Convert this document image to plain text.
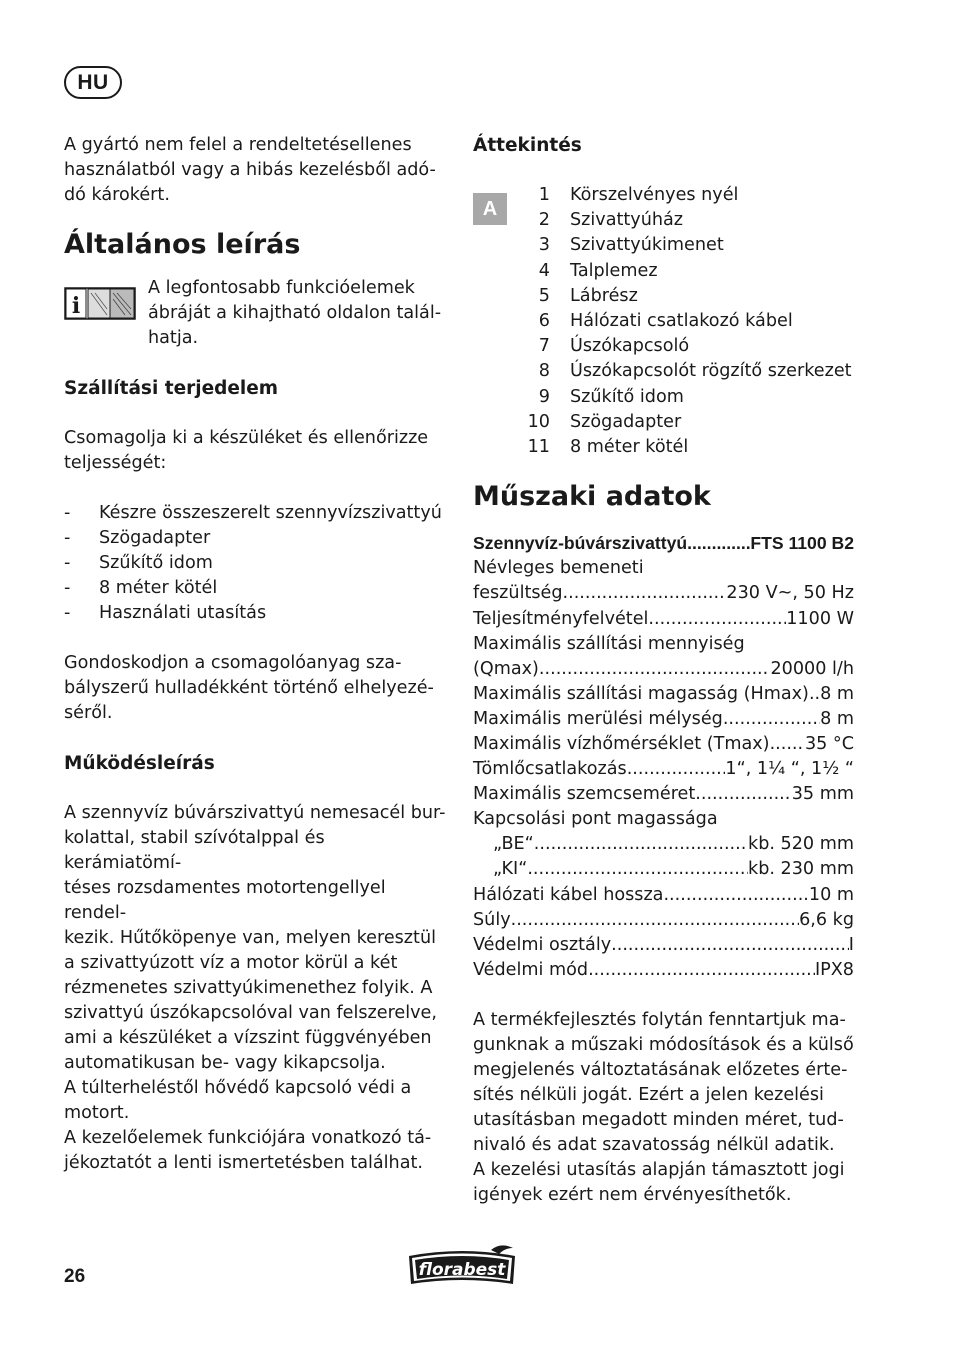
HU

A gyártó nem felel a rendeltetésellenes

használatból vagy a hibás kezelésből adó-

dó károkért.

Általános leírás
i

A legfontosabb funkcióelemek

ábráját a kihajtható oldalon talál-

hatja.

Szállítási terjedelem

Csomagolja ki a készüléket és ellenőrizze

teljességét:

-	Készre összeszerelt szennyvízszivattyú
-	Szögadapter
-	Szűkítő idom
-	8 méter kötél
-	Használati utasítás

Gondoskodjon a csomagolóanyag sza-

bályszerű hulladékként történő elhelyezé-

séről.

Működésleírás

A szennyvíz búvárszivattyú nemesacél bur-

kolattal, stabil szívótalppal és kerámiatömí-

téses rozsdamentes motortengellyel rendel-

kezik. Hűtőköpenye van, melyen keresztül

a szivattyúzott víz a motor körül a két

rézmenetes szivattyúkimenethez folyik. A

szivattyú úszókapcsolóval van felszerelve,

ami a készüléket a vízszint függvényében

automatikusan be- vagy kikapcsolja.

A túlterheléstől hővédő kapcsoló védi a

motort.

A kezelőelemek funkciójára vonatkozó tá-

jékoztatót a lenti ismertetésben találhat.

Áttekintés
A
1 Körszelvényes nyél
2 Szivattyúház
3 Szivattyúkimenet
4 Talplemez
5 Lábrész
6 Hálózati csatlakozó kábel
7 Úszókapcsoló
8 Úszókapcsolót rögzítő szerkezet
9 Szűkítő idom
10 Szögadapter
11 8 méter kötél
Műszaki adatok
Szennyvíz-búvárszivattyú .....	FTS 1100 B2
Névleges bemeneti
feszültség .....	230 V~, 50 Hz
Teljesítményfelvétel .....	1100 W
Maximális szállítási mennyiség
(Qmax) .....	20000 l/h
Maximális szállítási magasság (Hmax) ..... 8 m
Maximális merülési mélység .....	8 m
Maximális vízhőmérséklet (Tmax) ..... 35 °C
Tömlőcsatlakozás .....	1“, 1¼ “, 1½ “
Maximális szemcseméret .....	35 mm
Kapcsolási pont magassága
„BE“ .....	kb. 520 mm
„KI“ .....	kb. 230 mm
Hálózati kábel hossza .....	10 m
Súly .....	6,6 kg
Védelmi osztály .....	I
Védelmi mód .....	IPX8

A termékfejlesztés folytán fenntartjuk ma-

gunknak a műszaki módosítások és a külső

megjelenés változtatásának előzetes érte-

sítés nélküli jogát. Ezért a jelen kezelési

utasításban megadott minden méret, tud-

nivaló és adat szavatosság nélkül adatik.

A kezelési utasítás alapján támasztott jogi

igények ezért nem érvényesíthetők.

26	florabest
